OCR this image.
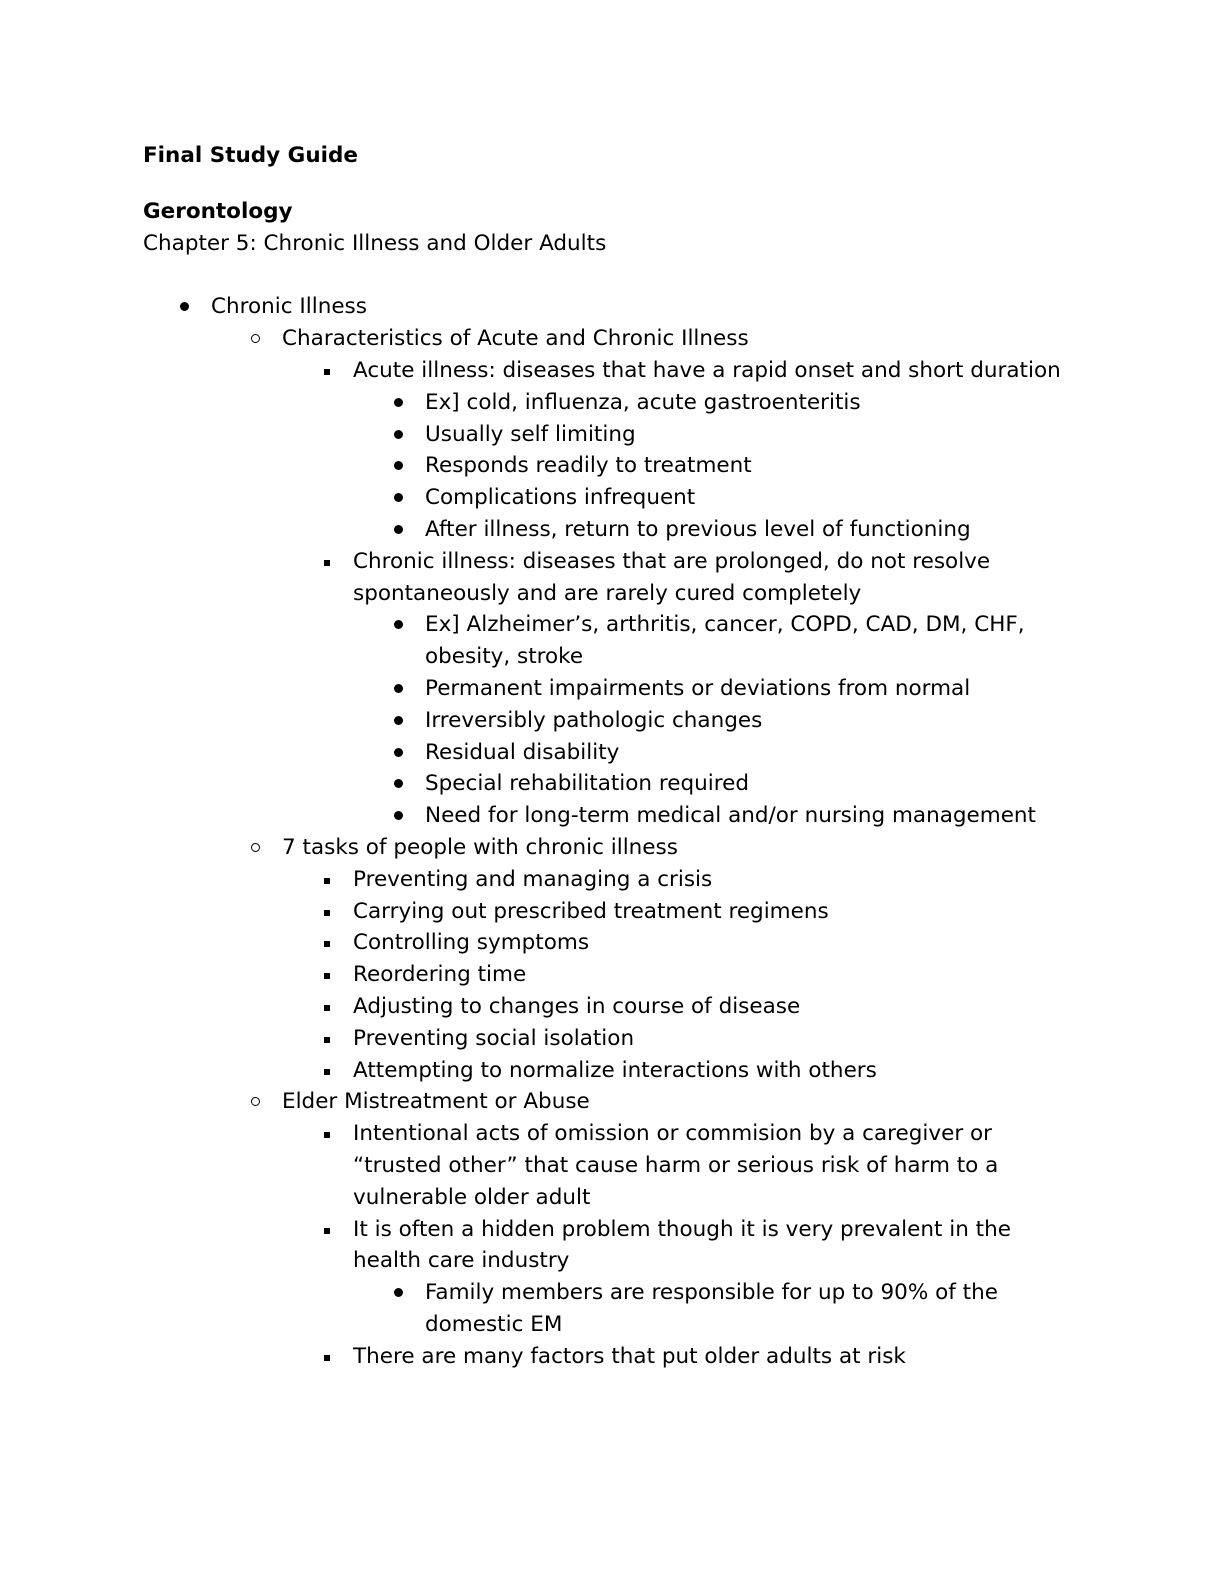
Final Study Guide

Gerontology

Chapter 5: Chronic Illness and Older Adults

Chronic Illness
Characteristics of Acute and Chronic Illness
Acute illness: diseases that have a rapid onset and short duration
Ex] cold, influenza, acute gastroenteritis
Usually self limiting
Responds readily to treatment
Complications infrequent
After illness, return to previous level of functioning
Chronic illness: diseases that are prolonged, do not resolve spontaneously and are rarely cured completely
Ex] Alzheimer’s, arthritis, cancer, COPD, CAD, DM, CHF, obesity, stroke
Permanent impairments or deviations from normal
Irreversibly pathologic changes
Residual disability
Special rehabilitation required
Need for long-term medical and/or nursing management
7 tasks of people with chronic illness
Preventing and managing a crisis
Carrying out prescribed treatment regimens
Controlling symptoms
Reordering time
Adjusting to changes in course of disease
Preventing social isolation
Attempting to normalize interactions with others
Elder Mistreatment or Abuse
Intentional acts of omission or commision by a caregiver or “trusted other” that cause harm or serious risk of harm to a vulnerable older adult
It is often a hidden problem though it is very prevalent in the health care industry
Family members are responsible for up to 90% of the domestic EM
There are many factors that put older adults at risk
